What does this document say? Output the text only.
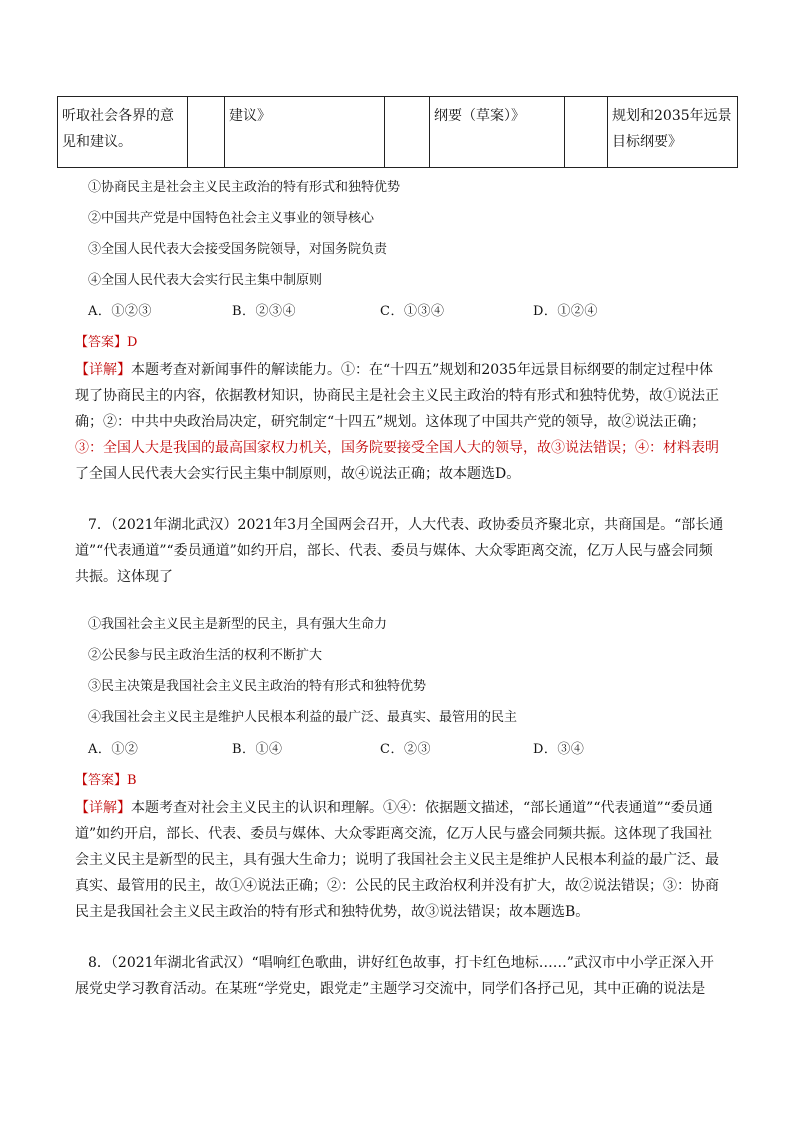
听取社会各界的意见和建议。		建议》		纲要（草案）》		规划和2035年远景目标纲要》
①协商民主是社会主义民主政治的特有形式和独特优势
②中国共产党是中国特色社会主义事业的领导核心
③全国人民代表大会接受国务院领导，对国务院负责
④全国人民代表大会实行民主集中制原则
A．①②③	B．②③④	C．①③④	D．①②④
【答案】D
【详解】本题考查对新闻事件的解读能力。①：在“十四五”规划和2035年远景目标纲要的制定过程中体现了协商民主的内容，依据教材知识，协商民主是社会主义民主政治的特有形式和独特优势，故①说法正确；②：中共中央政治局决定，研究制定“十四五”规划。这体现了中国共产党的领导，故②说法正确；③：全国人大是我国的最高国家权力机关，国务院要接受全国人大的领导，故③说法错误；④：材料表明了全国人民代表大会实行民主集中制原则，故④说法正确；故本题选D。
7．（2021年湖北武汉）2021年3月全国两会召开，人大代表、政协委员齐聚北京，共商国是。“部长通道”“代表通道”“委员通道”如约开启，部长、代表、委员与媒体、大众零距离交流，亿万人民与盛会同频共振。这体现了
①我国社会主义民主是新型的民主，具有强大生命力
②公民参与民主政治生活的权利不断扩大
③民主决策是我国社会主义民主政治的特有形式和独特优势
④我国社会主义民主是维护人民根本利益的最广泛、最真实、最管用的民主
A．①②	B．①④	C．②③	D．③④
【答案】B
【详解】本题考查对社会主义民主的认识和理解。①④：依据题文描述，“部长通道”“代表通道”“委员通道”如约开启，部长、代表、委员与媒体、大众零距离交流，亿万人民与盛会同频共振。这体现了我国社会主义民主是新型的民主，具有强大生命力；说明了我国社会主义民主是维护人民根本利益的最广泛、最真实、最管用的民主，故①④说法正确；②：公民的民主政治权利并没有扩大，故②说法错误；③：协商民主是我国社会主义民主政治的特有形式和独特优势，故③说法错误；故本题选B。
8．（2021年湖北省武汉）“唱响红色歌曲，讲好红色故事，打卡红色地标……”武汉市中小学正深入开展党史学习教育活动。在某班“学党史，跟党走”主题学习交流中，同学们各抒己见，其中正确的说法是
